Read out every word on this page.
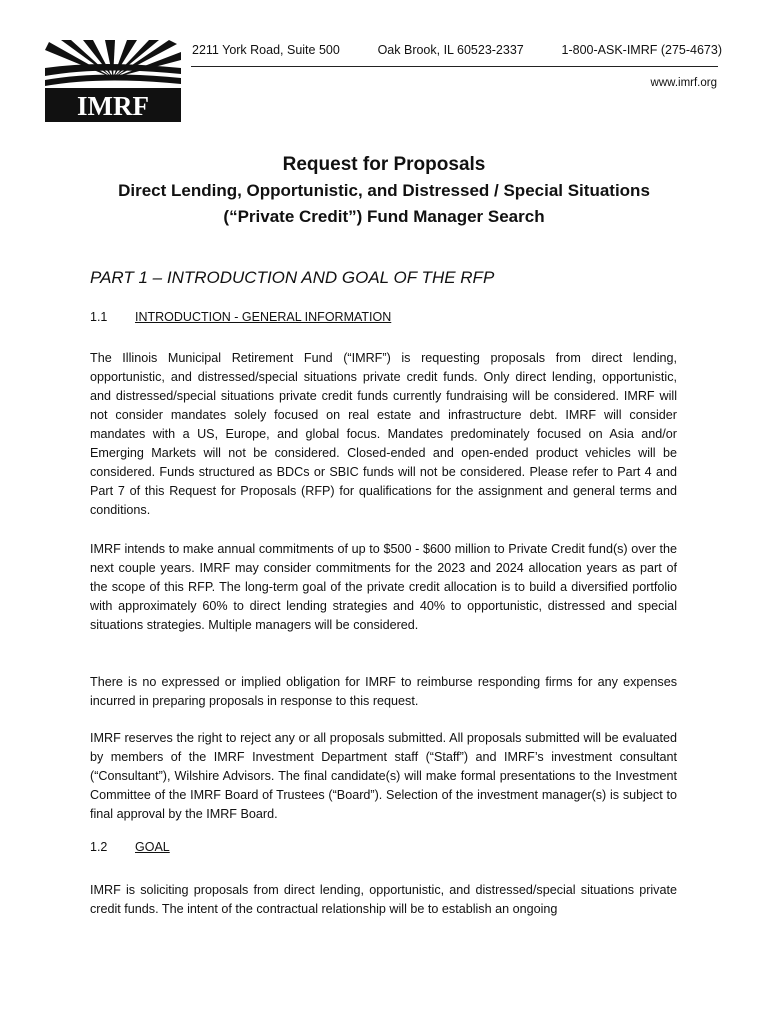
IMRF
2211 York Road, Suite 500	Oak Brook, IL 60523-2337	1-800-ASK-IMRF (275-4673)
www.imrf.org
Request for Proposals
Direct Lending, Opportunistic, and Distressed / Special Situations
(“Private Credit”) Fund Manager Search
PART 1 – INTRODUCTION AND GOAL OF THE RFP
1.1 INTRODUCTION - GENERAL INFORMATION

The Illinois Municipal Retirement Fund (“IMRF”) is requesting proposals from direct lending, opportunistic, and distressed/special situations private credit funds. Only direct lending, opportunistic, and distressed/special situations private credit funds currently fundraising will be considered. IMRF will not consider mandates solely focused on real estate and infrastructure debt. IMRF will consider mandates with a US, Europe, and global focus. Mandates predominately focused on Asia and/or Emerging Markets will not be considered. Closed-ended and open-ended product vehicles will be considered. Funds structured as BDCs or SBIC funds will not be considered. Please refer to Part 4 and Part 7 of this Request for Proposals (RFP) for qualifications for the assignment and general terms and conditions.

IMRF intends to make annual commitments of up to $500 - $600 million to Private Credit fund(s) over the next couple years. IMRF may consider commitments for the 2023 and 2024 allocation years as part of the scope of this RFP. The long-term goal of the private credit allocation is to build a diversified portfolio with approximately 60% to direct lending strategies and 40% to opportunistic, distressed and special situations strategies. Multiple managers will be considered.

There is no expressed or implied obligation for IMRF to reimburse responding firms for any expenses incurred in preparing proposals in response to this request.

IMRF reserves the right to reject any or all proposals submitted. All proposals submitted will be evaluated by members of the IMRF Investment Department staff (“Staff”) and IMRF’s investment consultant (“Consultant”), Wilshire Advisors. The final candidate(s) will make formal presentations to the Investment Committee of the IMRF Board of Trustees (“Board”). Selection of the investment manager(s) is subject to final approval by the IMRF Board.

1.2 GOAL

IMRF is soliciting proposals from direct lending, opportunistic, and distressed/special situations private credit funds. The intent of the contractual relationship will be to establish an ongoing
